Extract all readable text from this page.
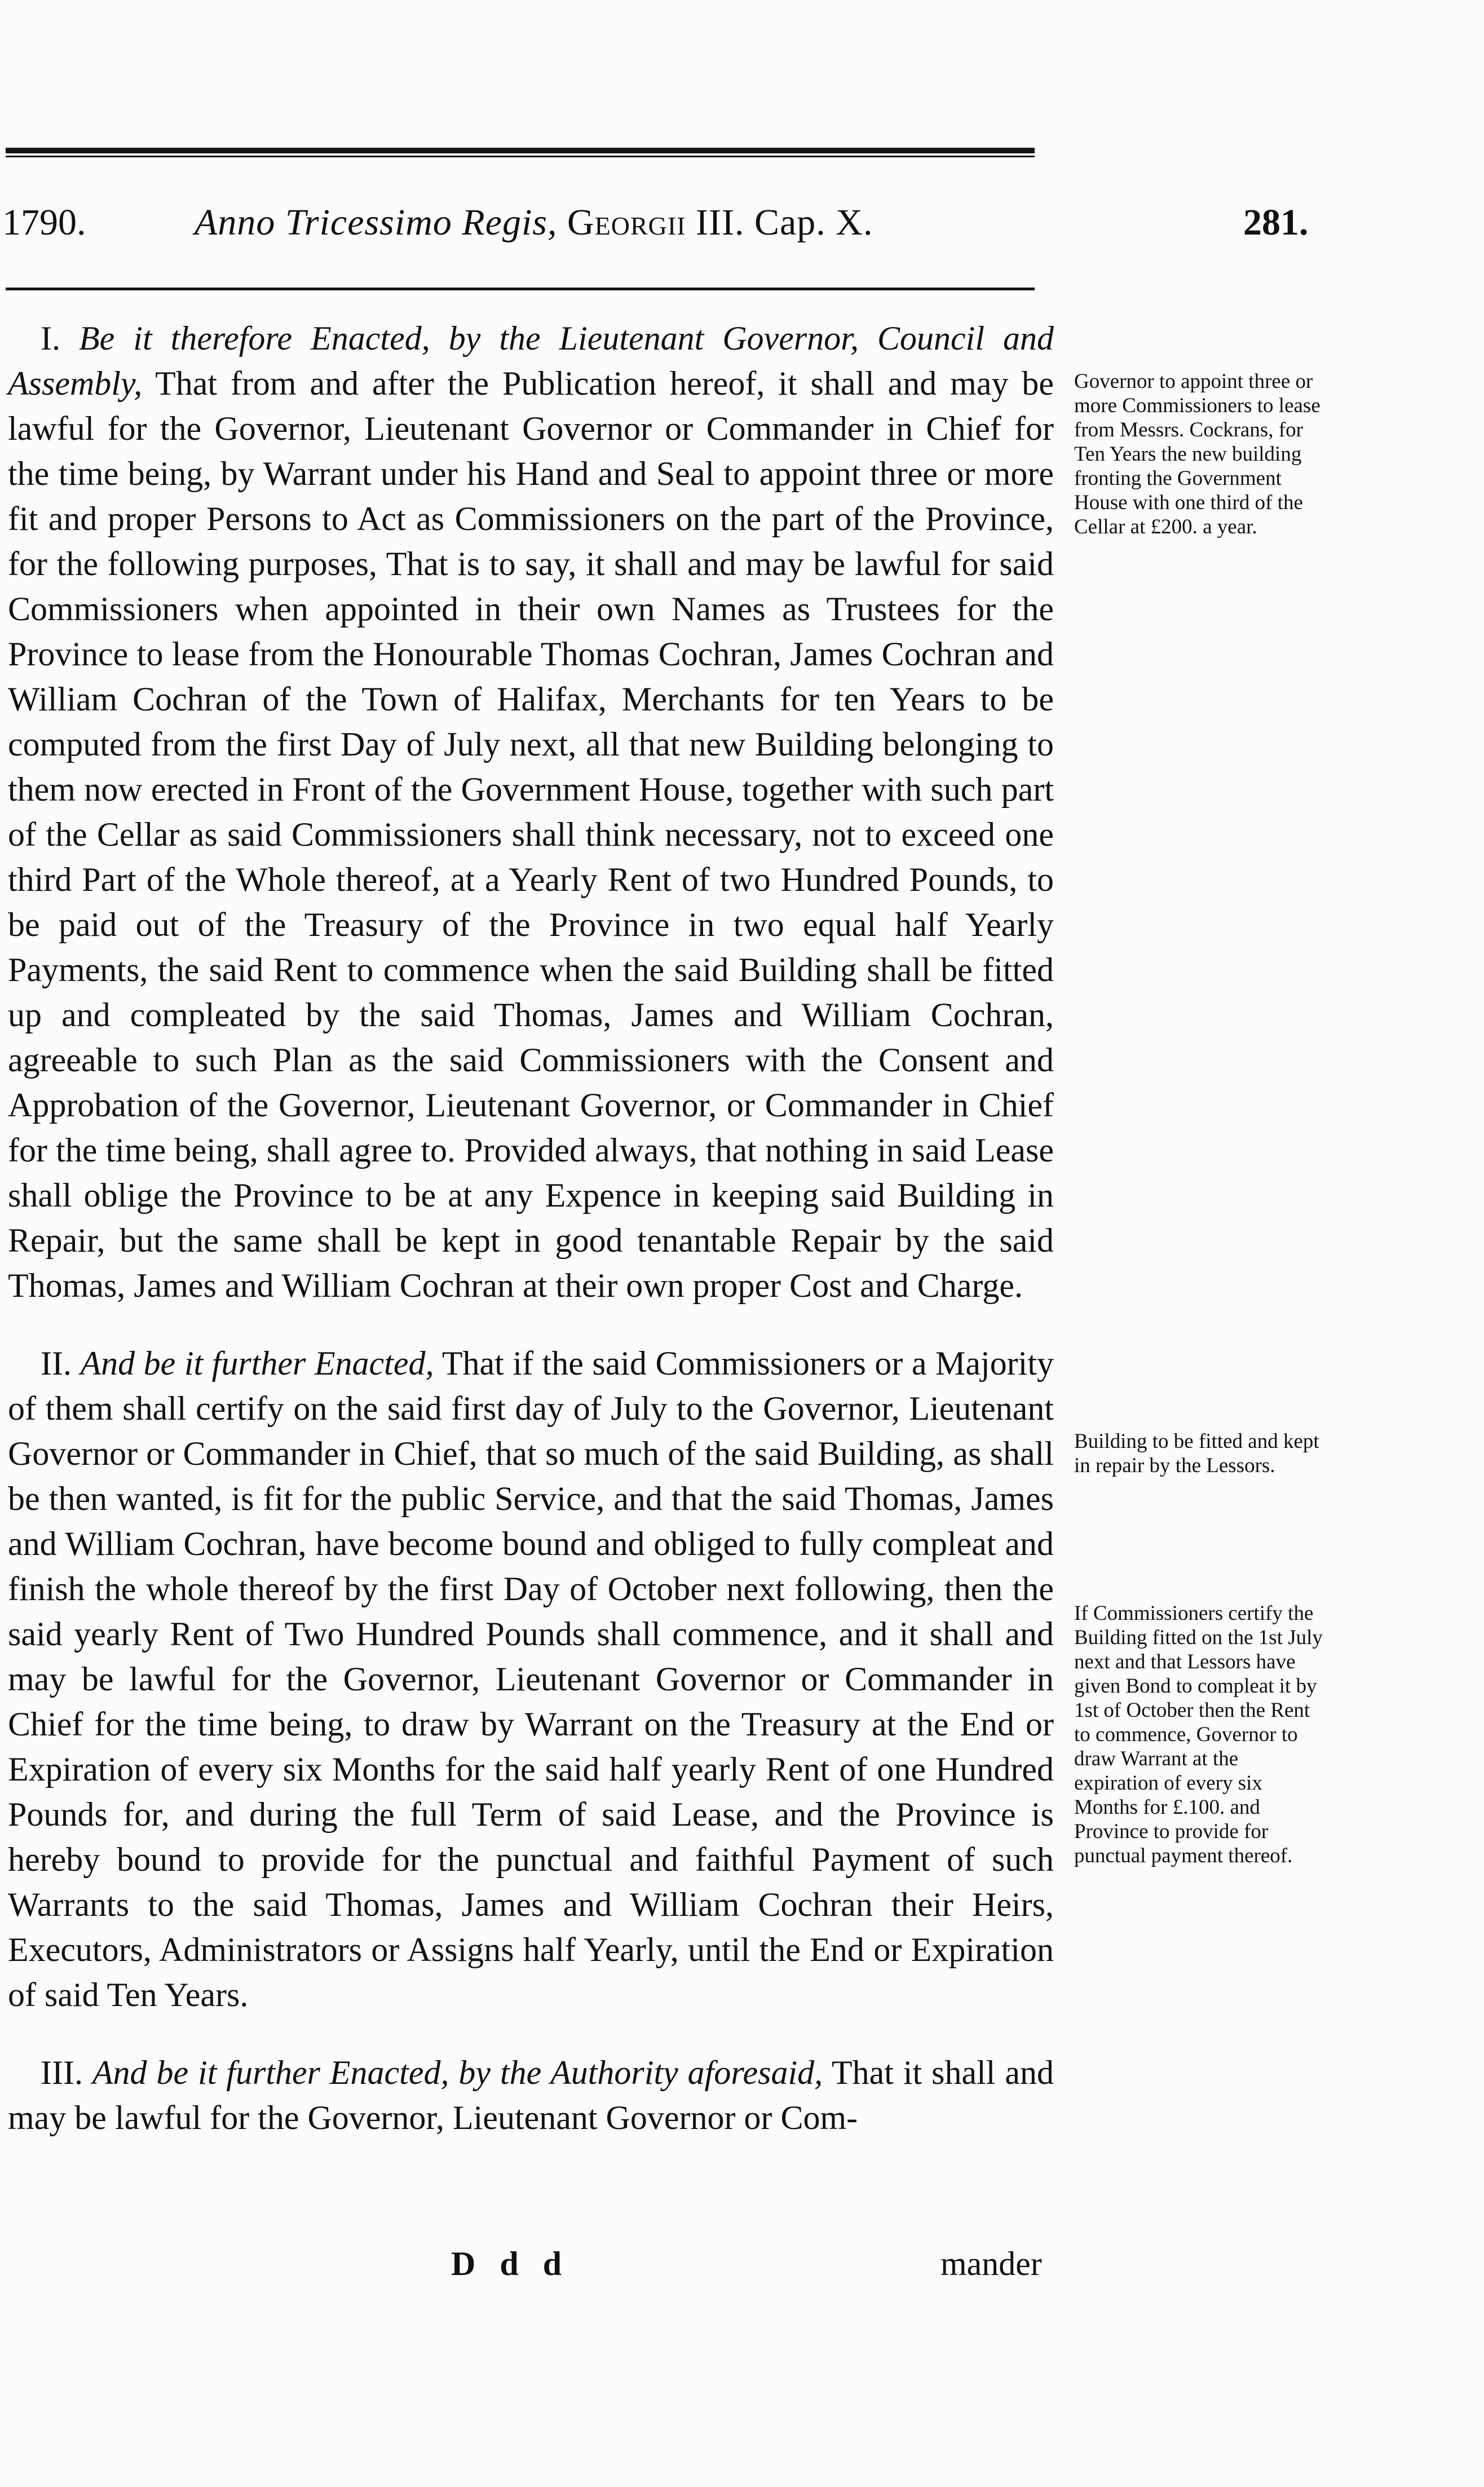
1790.	Anno Tricessimo Regis, Georgii III. Cap. X.	281.

I. Be it therefore Enacted, by the Lieutenant Governor, Council and Assembly, That from and after the Publication hereof, it shall and may be lawful for the Governor, Lieutenant Governor or Commander in Chief for the time being, by Warrant under his Hand and Seal to appoint three or more fit and proper Persons to Act as Commissioners on the part of the Province, for the following purposes, That is to say, it shall and may be lawful for said Commissioners when appointed in their own Names as Trustees for the Province to lease from the Honourable Thomas Cochran, James Cochran and William Cochran of the Town of Halifax, Merchants for ten Years to be computed from the first Day of July next, all that new Building belonging to them now erected in Front of the Government House, together with such part of the Cellar as said Commissioners shall think necessary, not to exceed one third Part of the Whole thereof, at a Yearly Rent of two Hundred Pounds, to be paid out of the Treasury of the Province in two equal half Yearly Payments, the said Rent to commence when the said Building shall be fitted up and compleated by the said Thomas, James and William Cochran, agreeable to such Plan as the said Commissioners with the Consent and Approbation of the Governor, Lieutenant Governor, or Commander in Chief for the time being, shall agree to. Provided always, that nothing in said Lease shall oblige the Province to be at any Expence in keeping said Building in Repair, but the same shall be kept in good tenantable Repair by the said Thomas, James and William Cochran at their own proper Cost and Charge.

II. And be it further Enacted, That if the said Commissioners or a Majority of them shall certify on the said first day of July to the Governor, Lieutenant Governor or Commander in Chief, that so much of the said Building, as shall be then wanted, is fit for the public Service, and that the said Thomas, James and William Cochran, have become bound and obliged to fully compleat and finish the whole thereof by the first Day of October next following, then the said yearly Rent of Two Hundred Pounds shall commence, and it shall and may be lawful for the Governor, Lieutenant Governor or Commander in Chief for the time being, to draw by Warrant on the Treasury at the End or Expiration of every six Months for the said half yearly Rent of one Hundred Pounds for, and during the full Term of said Lease, and the Province is hereby bound to provide for the punctual and faithful Payment of such Warrants to the said Thomas, James and William Cochran their Heirs, Executors, Administrators or Assigns half Yearly, until the End or Expiration of said Ten Years.

III. And be it further Enacted, by the Authority aforesaid, That it shall and may be lawful for the Governor, Lieutenant Governor or Com-

Governor to appoint three or more Commissioners to lease from Messrs. Cockrans, for Ten Years the new building fronting the Government House with one third of the Cellar at £200. a year.
Building to be fitted and kept in repair by the Lessors.
If Commissioners certify the Building fitted on the 1st July next and that Lessors have given Bond to compleat it by 1st of October then the Rent to commence, Governor to draw Warrant at the expiration of every six Months for £.100. and Province to provide for punctual payment thereof.
D d d	mander
